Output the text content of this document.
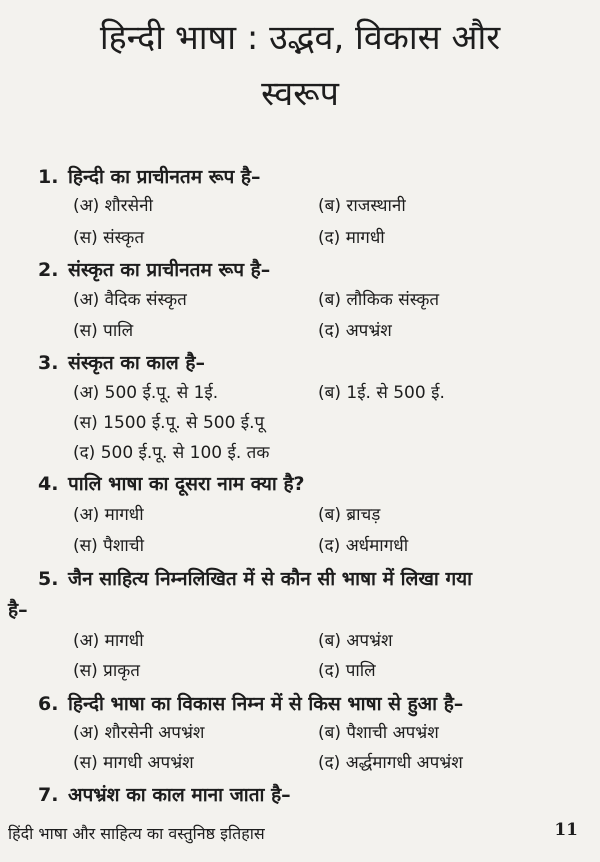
हिन्दी भाषा : उद्भव, विकास और
स्वरूप
1. हिन्दी का प्राचीनतम रूप है–
(अ) शौरसेनी	(ब) राजस्थानी
(स) संस्कृत	(द) मागधी
2. संस्कृत का प्राचीनतम रूप है–
(अ) वैदिक संस्कृत	(ब) लौकिक संस्कृत
(स) पालि	(द) अपभ्रंश
3. संस्कृत का काल है–
(अ) 500 ई.पू. से 1ई.	(ब) 1ई. से 500 ई.
(स) 1500 ई.पू. से 500 ई.पू
(द) 500 ई.पू. से 100 ई. तक
4. पालि भाषा का दूसरा नाम क्या है?
(अ) मागधी	(ब) ब्राचड़
(स) पैशाची	(द) अर्धमागधी
5. जैन साहित्य निम्नलिखित में से कौन सी भाषा में लिखा गया
है–
(अ) मागधी	(ब) अपभ्रंश
(स) प्राकृत	(द) पालि
6. हिन्दी भाषा का विकास निम्न में से किस भाषा से हुआ है–
(अ) शौरसेनी अपभ्रंश	(ब) पैशाची अपभ्रंश
(स) मागधी अपभ्रंश	(द) अर्द्धमागधी अपभ्रंश
7. अपभ्रंश का काल माना जाता है–
हिंदी भाषा और साहित्य का वस्तुनिष्ठ इतिहास	11
